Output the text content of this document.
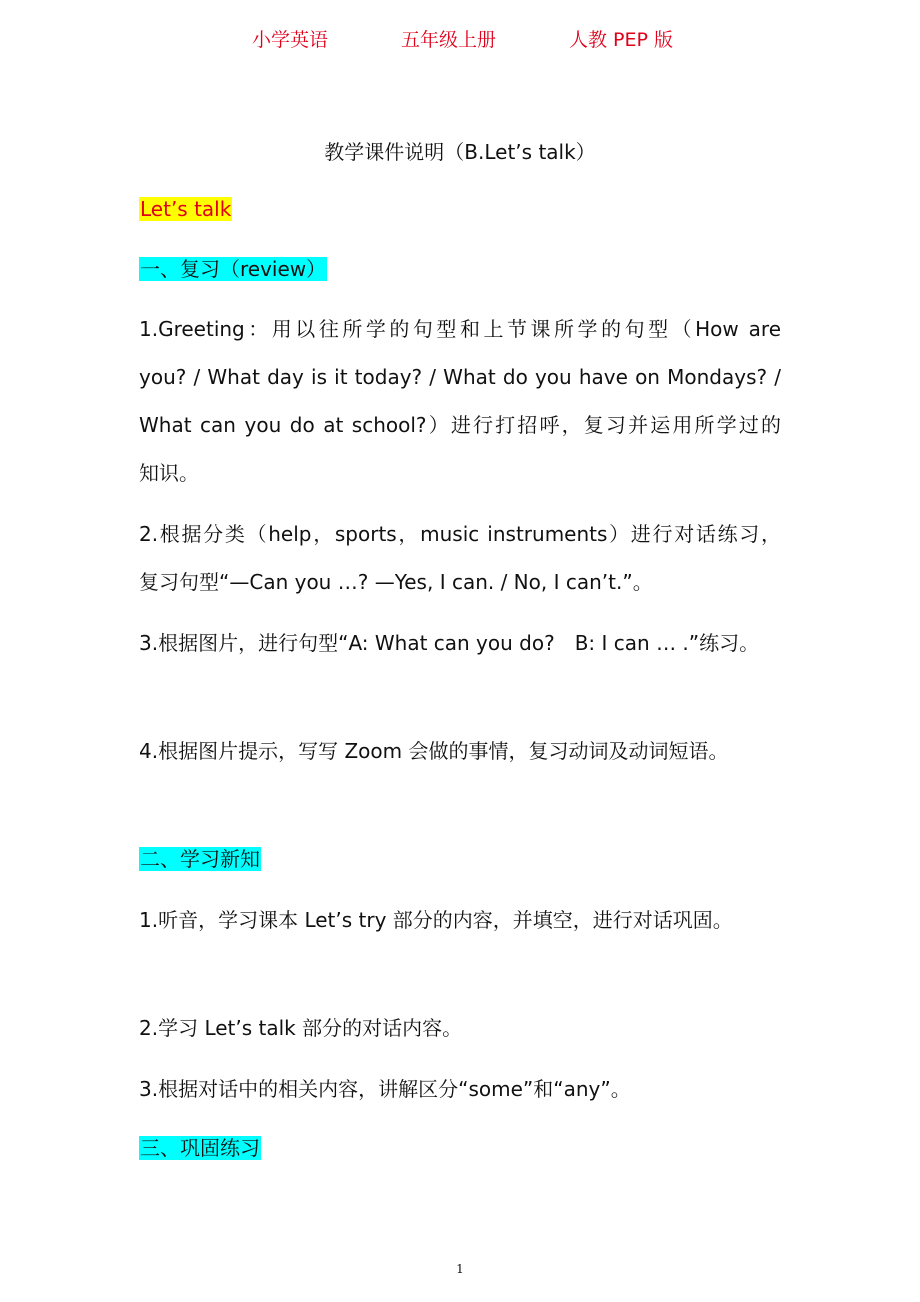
小学英语	五年级上册	人教 PEP 版
教学课件说明（B.Let’s talk）
Let’s talk
一、复习（review）
1.Greeting：用以往所学的句型和上节课所学的句型（How are
you? / What day is it today? / What do you have on Mondays? /
What can you do at school?）进行打招呼，复习并运用所学过的
知识。
2.根据分类（help，sports，music instruments）进行对话练习，
复习句型“—Can you …? —Yes, I can. / No, I can’t.”。
3.根据图片，进行句型“A: What can you do?　B: I can … .”练习。
4.根据图片提示，写写 Zoom 会做的事情，复习动词及动词短语。
二、学习新知
1.听音，学习课本 Let’s try 部分的内容，并填空，进行对话巩固。
2.学习 Let’s talk 部分的对话内容。
3.根据对话中的相关内容，讲解区分“some”和“any”。
三、巩固练习
1
